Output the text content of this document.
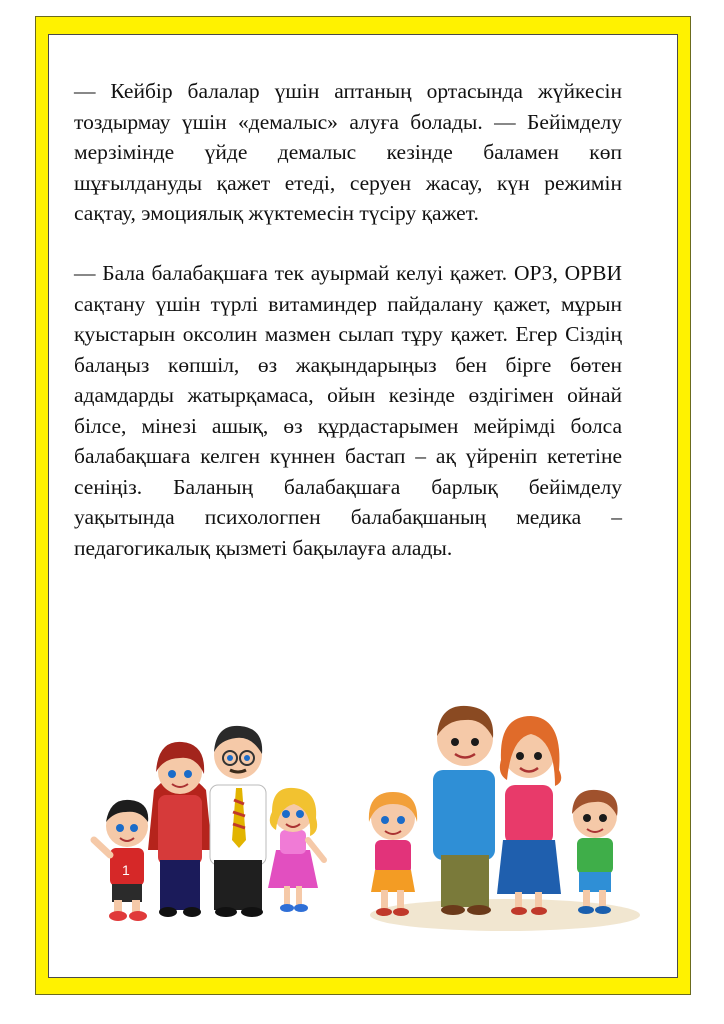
— Кейбір балалар үшін аптаның ортасында жүйкесін тоздырмау үшін «демалыс» алуға болады. — Бейімделу мерзімінде үйде демалыс кезінде баламен көп шұғылдануды қажет етеді, серуен жасау, күн режимін сақтау, эмоциялық жүктемесін түсіру қажет.
— Бала балабақшаға тек ауырмай келуі қажет. ОРЗ, ОРВИ сақтану үшін түрлі витаминдер пайдалану қажет, мұрын қуыстарын оксолин мазмен сылап тұру қажет. Егер Сіздің балаңыз көпшіл, өз жақындарыңыз бен бірге бөтен адамдарды жатырқамаса, ойын кезінде өздігімен ойнай білсе, мінезі ашық, өз құрдастарымен мейрімді болса балабақшаға келген күннен бастап – ақ үйреніп кететіне сеніңіз. Баланың балабақшаға барлық бейімделу уақытында психологпен балабақшаның медика – педагогикалық қызметі бақылауға алады.
1
